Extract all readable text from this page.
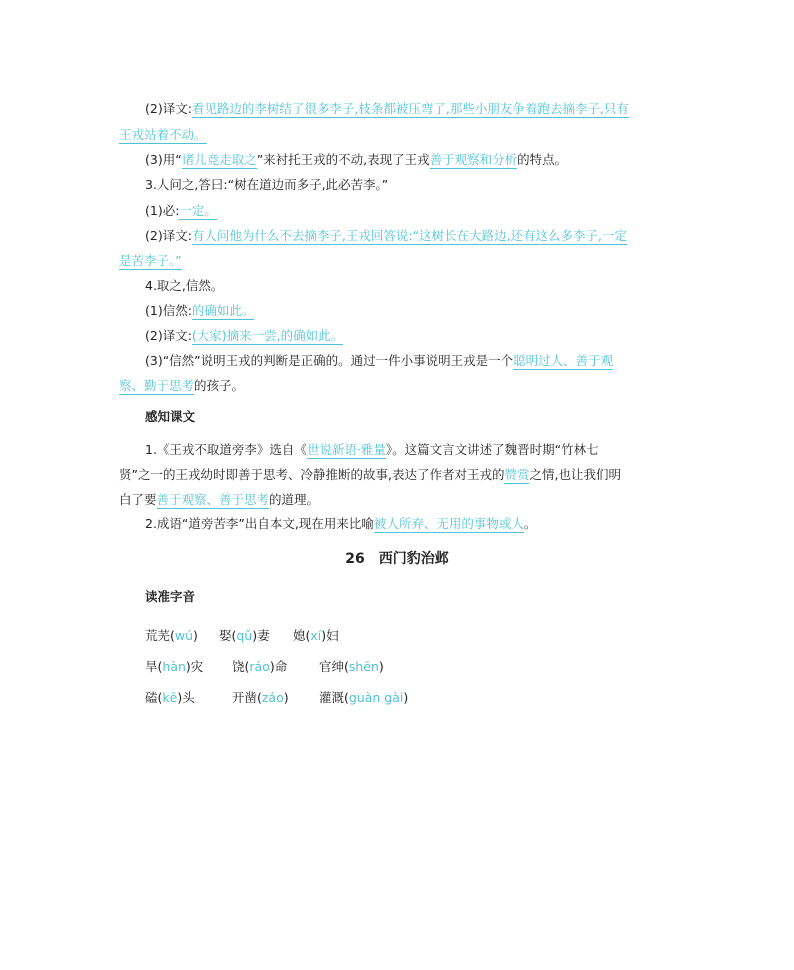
(2)译文:看见路边的李树结了很多李子,枝条都被压弯了,那些小朋友争着跑去摘李子,只有

王戎站着不动。

(3)用“诸儿竞走取之”来衬托王戎的不动,表现了王戎善于观察和分析的特点。

3.人问之,答曰:“树在道边而多子,此必苦李。”

(1)必:一定。

(2)译文:有人问他为什么不去摘李子,王戎回答说:“这树长在大路边,还有这么多李子,一定

是苦李子。”

4.取之,信然。

(1)信然:的确如此。

(2)译文:(大家)摘来一尝,的确如此。

(3)“信然”说明王戎的判断是正确的。通过一件小事说明王戎是一个聪明过人、善于观

察、勤于思考的孩子。

感知课文

1.《王戎不取道旁李》选自《世说新语·雅量》。这篇文言文讲述了魏晋时期“竹林七

贤”之一的王戎幼时即善于思考、冷静推断的故事,表达了作者对王戎的赞赏之情,也让我们明

白了要善于观察、善于思考的道理。

2.成语“道旁苦李”出自本文,现在用来比喻被人所弃、无用的事物或人。

26　西门豹治邺

读准字音

荒芜(wú) 娶(qǔ)妻 媳(xí)妇
旱(hàn)灾 饶(ráo)命	官绅(shēn)
磕(kē)头	开凿(záo) 灌溉(guàn gài)
